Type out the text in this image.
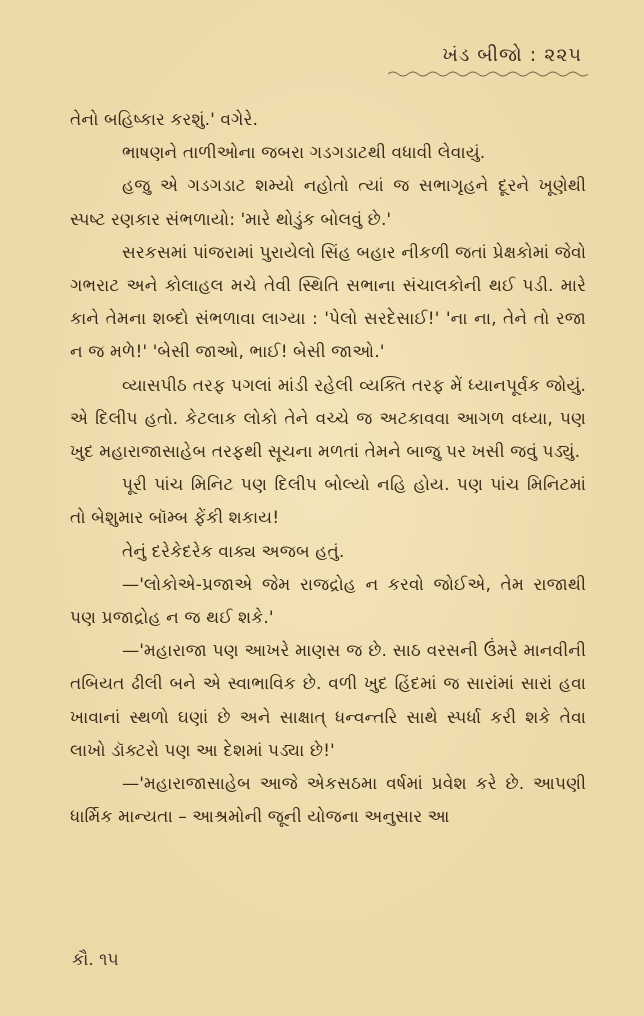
ખંડ બીજો : ૨૨૫

તેનો બહિષ્કાર કરશું.' વગેરે.

ભાષણને તાળીઓના જબરા ગડગડાટથી વધાવી લેવાયું.

હજુ એ ગડગડાટ શમ્યો નહોતો ત્યાં જ સભાગૃહને દૂરને ખૂણેથી સ્પષ્ટ રણકાર સંભળાયો: 'મારે થોડુંક બોલવું છે.'

સરકસમાં પાંજરામાં પુરાયેલો સિંહ બહાર નીકળી જતાં પ્રેક્ષકોમાં જેવો ગભરાટ અને કોલાહલ મચે તેવી સ્થિતિ સભાના સંચાલકોની થઈ પડી. મારે કાને તેમના શબ્દો સંભળાવા લાગ્યા : 'પેલો સરદેસાઈ!' 'ના ના, તેને તો રજા ન જ મળે!' 'બેસી જાઓ, ભાઈ! બેસી જાઓ.'

વ્યાસપીઠ તરફ પગલાં માંડી રહેલી વ્યક્તિ તરફ મેં ધ્યાનપૂર્વક જોયું. એ દિલીપ હતો. કેટલાક લોકો તેને વચ્ચે જ અટકાવવા આગળ વધ્યા, પણ ખુદ મહારાજાસાહેબ તરફથી સૂચના મળતાં તેમને બાજુ પર ખસી જવું પડ્યું.

પૂરી પાંચ મિનિટ પણ દિલીપ બોલ્યો નહિ હોય. પણ પાંચ મિનિટમાં તો બેશુમાર બૉમ્બ ફેંકી શકાય!

તેનું દરેકેદરેક વાક્ય અજબ હતું.

—'લોકોએ-પ્રજાએ જેમ રાજદ્રોહ ન કરવો જોઈએ, તેમ રાજાથી પણ પ્રજાદ્રોહ ન જ થઈ શકે.'

—'મહારાજા પણ આખરે માણસ જ છે. સાઠ વરસની ઉંમરે માનવીની તબિયત ઢીલી બને એ સ્વાભાવિક છે. વળી ખુદ હિંદમાં જ સારાંમાં સારાં હવા ખાવાનાં સ્થળો ઘણાં છે અને સાક્ષાત્ ધન્વન્તરિ સાથે સ્પર્ધા કરી શકે તેવા લાખો ડૉક્ટરો પણ આ દેશમાં પડ્યા છે!'

—'મહારાજાસાહેબ આજે એકસઠમા વર્ષમાં પ્રવેશ કરે છે. આપણી ધાર્મિક માન્યતા – આશ્રમોની જૂની યોજના અનુસાર આ

કૌ. ૧૫
